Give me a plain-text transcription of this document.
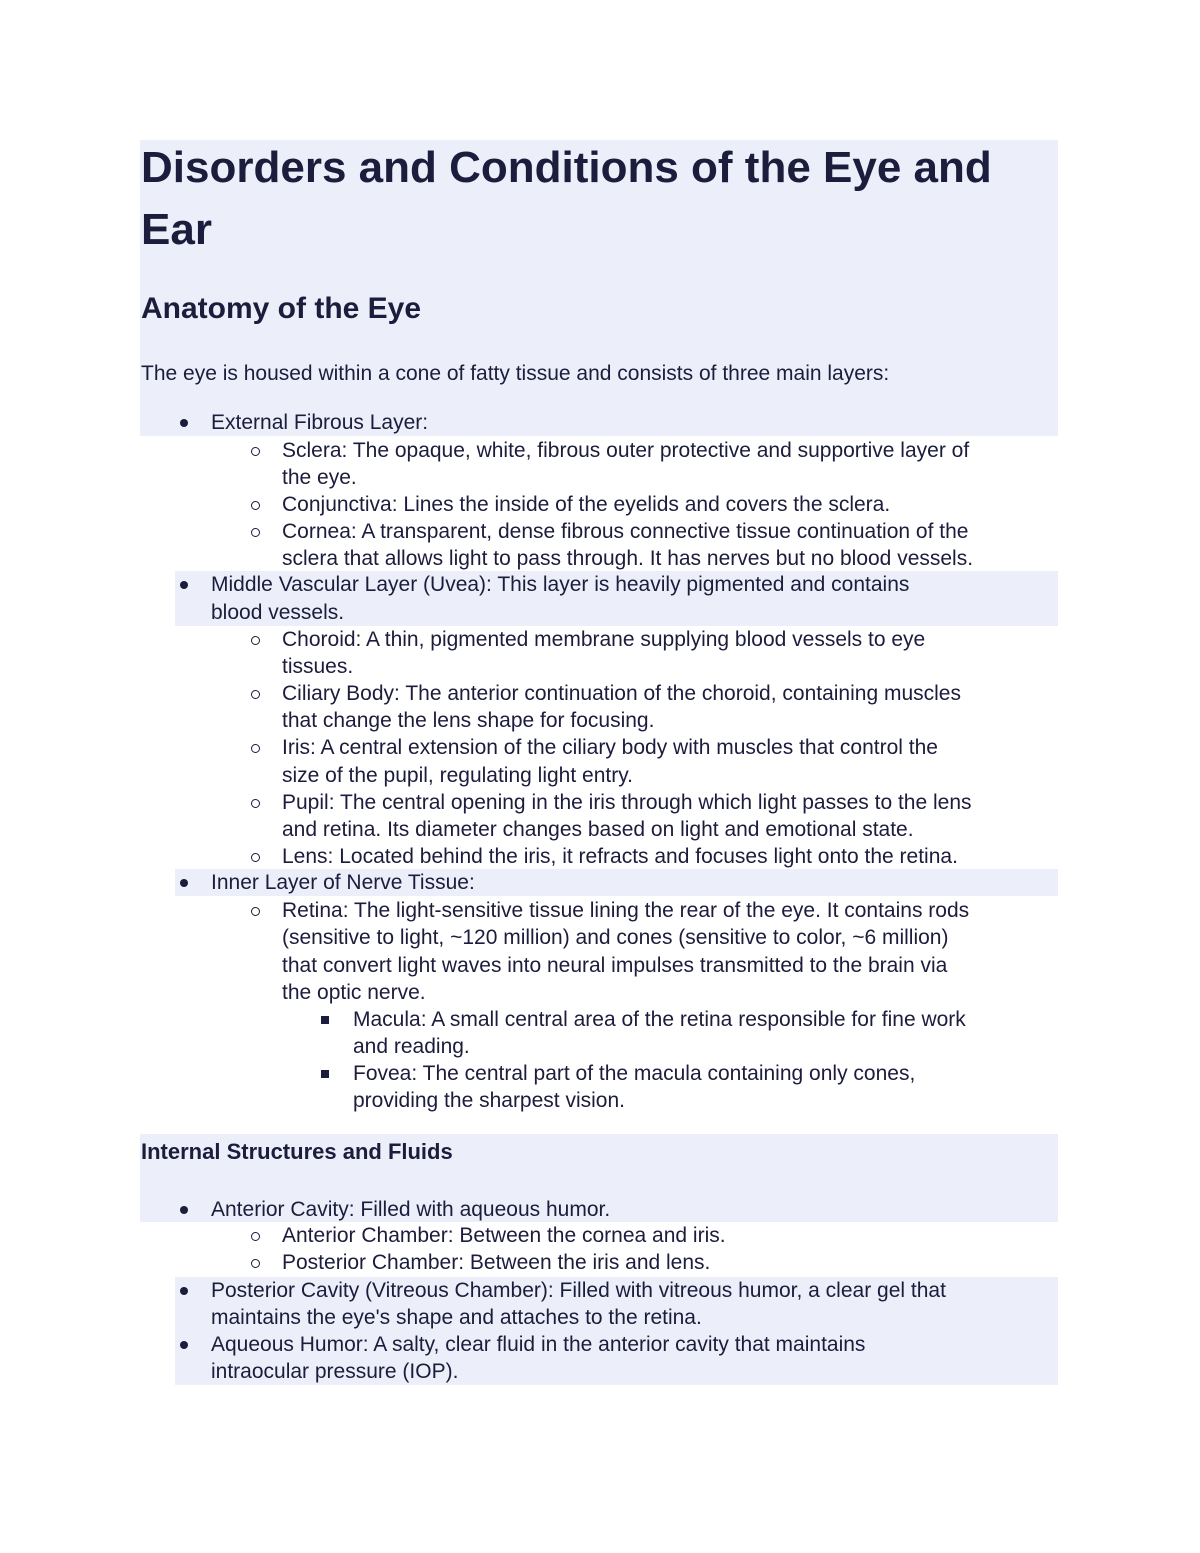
Disorders and Conditions of the Eye and
Ear
Anatomy of the Eye
The eye is housed within a cone of fatty tissue and consists of three main layers:
External Fibrous Layer:
Sclera: The opaque, white, fibrous outer protective and supportive layer of
the eye.
Conjunctiva: Lines the inside of the eyelids and covers the sclera.
Cornea: A transparent, dense fibrous connective tissue continuation of the
sclera that allows light to pass through. It has nerves but no blood vessels.
Middle Vascular Layer (Uvea): This layer is heavily pigmented and contains
blood vessels.
Choroid: A thin, pigmented membrane supplying blood vessels to eye
tissues.
Ciliary Body: The anterior continuation of the choroid, containing muscles
that change the lens shape for focusing.
Iris: A central extension of the ciliary body with muscles that control the
size of the pupil, regulating light entry.
Pupil: The central opening in the iris through which light passes to the lens
and retina. Its diameter changes based on light and emotional state.
Lens: Located behind the iris, it refracts and focuses light onto the retina.
Inner Layer of Nerve Tissue:
Retina: The light-sensitive tissue lining the rear of the eye. It contains rods
(sensitive to light, ~120 million) and cones (sensitive to color, ~6 million)
that convert light waves into neural impulses transmitted to the brain via
the optic nerve.
Macula: A small central area of the retina responsible for fine work
and reading.
Fovea: The central part of the macula containing only cones,
providing the sharpest vision.
Internal Structures and Fluids
Anterior Cavity: Filled with aqueous humor.
Anterior Chamber: Between the cornea and iris.
Posterior Chamber: Between the iris and lens.
Posterior Cavity (Vitreous Chamber): Filled with vitreous humor, a clear gel that
maintains the eye's shape and attaches to the retina.
Aqueous Humor: A salty, clear fluid in the anterior cavity that maintains
intraocular pressure (IOP).
